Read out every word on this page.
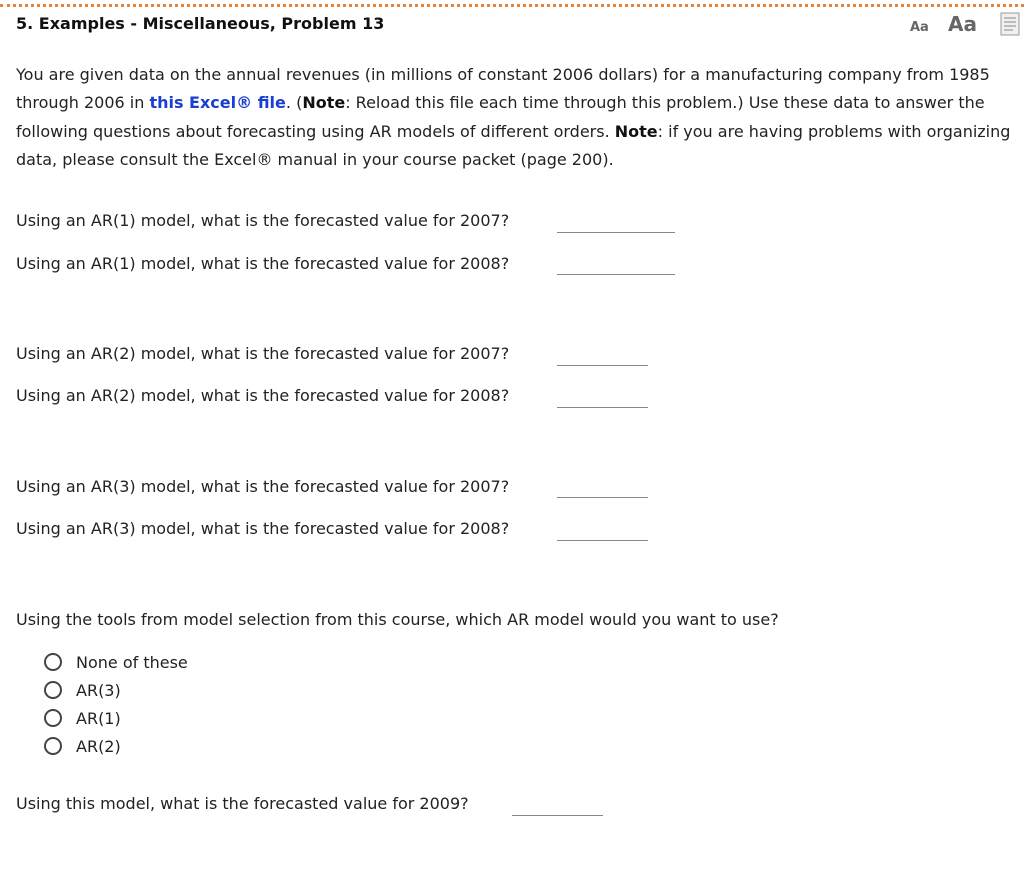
5. Examples - Miscellaneous, Problem 13	Aa Aa
You are given data on the annual revenues (in millions of constant 2006 dollars) for a manufacturing company from 1985 through 2006 in this Excel® file. (Note: Reload this file each time through this problem.) Use these data to answer the following questions about forecasting using AR models of different orders. Note: if you are having problems with organizing data, please consult the Excel® manual in your course packet (page 200).
Using an AR(1) model, what is the forecasted value for 2007?
Using an AR(1) model, what is the forecasted value for 2008?
Using an AR(2) model, what is the forecasted value for 2007?
Using an AR(2) model, what is the forecasted value for 2008?
Using an AR(3) model, what is the forecasted value for 2007?
Using an AR(3) model, what is the forecasted value for 2008?
Using the tools from model selection from this course, which AR model would you want to use?
None of these
AR(3)
AR(1)
AR(2)
Using this model, what is the forecasted value for 2009?
